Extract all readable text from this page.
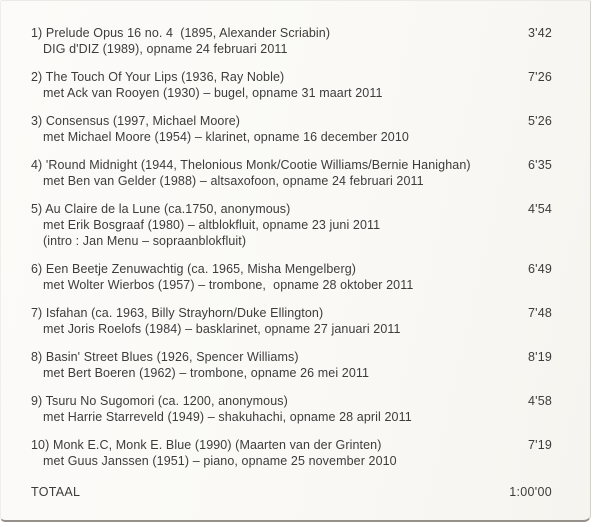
1) Prelude Opus 16 no. 4  (1895, Alexander Scriabin)
DIG d'DIZ (1989), opname 24 februari 2011
3'42
2) The Touch Of Your Lips (1936, Ray Noble)
met Ack van Rooyen (1930) – bugel, opname 31 maart 2011
7'26
3) Consensus (1997, Michael Moore)
met Michael Moore (1954) – klarinet, opname 16 december 2010
5'26
4) 'Round Midnight (1944, Thelonious Monk/Cootie Williams/Bernie Hanighan)
met Ben van Gelder (1988) – altsaxofoon, opname 24 februari 2011
6'35
5) Au Claire de la Lune (ca.1750, anonymous)
met Erik Bosgraaf (1980) – altblokfluit, opname 23 juni 2011
(intro : Jan Menu – sopraanblokfluit)
4'54
6) Een Beetje Zenuwachtig (ca. 1965, Misha Mengelberg)
met Wolter Wierbos (1957) – trombone,  opname 28 oktober 2011
6'49
7) Isfahan (ca. 1963, Billy Strayhorn/Duke Ellington)
met Joris Roelofs (1984) – basklarinet, opname 27 januari 2011
7'48
8) Basin' Street Blues (1926, Spencer Williams)
met Bert Boeren (1962) – trombone, opname 26 mei 2011
8'19
9) Tsuru No Sugomori (ca. 1200, anonymous)
met Harrie Starreveld (1949) – shakuhachi, opname 28 april 2011
4'58
10) Monk E.C, Monk E. Blue (1990) (Maarten van der Grinten)
met Guus Janssen (1951) – piano, opname 25 november 2010
7'19
TOTAAL	1:00'00
